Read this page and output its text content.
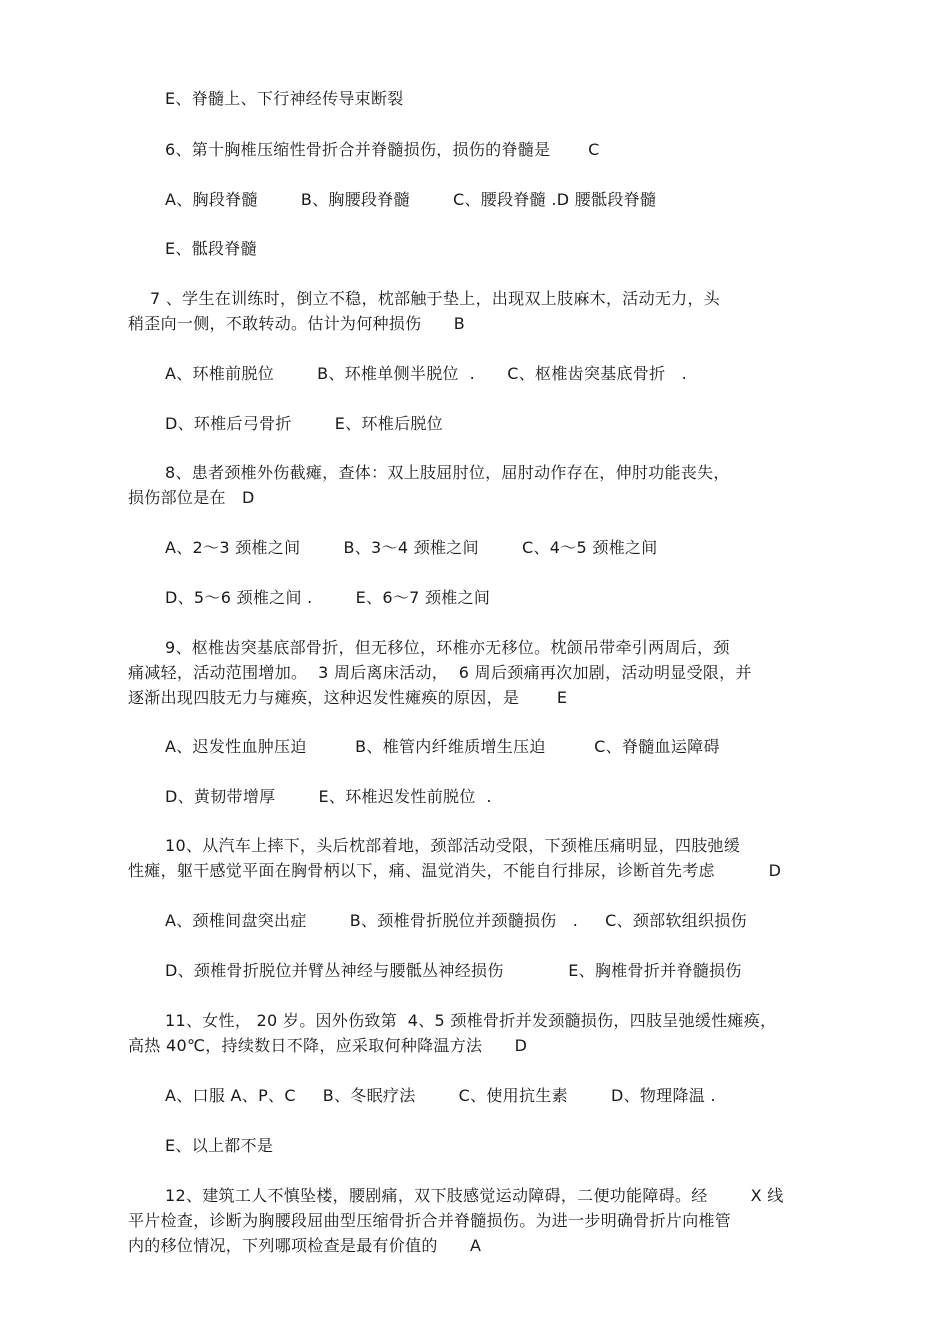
E、脊髓上、下行神经传导束断裂
6、第十胸椎压缩性骨折合并脊髓损伤，损伤的脊髓是       C
A、胸段脊髓        B、胸腰段脊髓        C、腰段脊髓 .D 腰骶段脊髓
E、骶段脊髓
7 、学生在训练时，倒立不稳，枕部触于垫上，出现双上肢麻木，活动无力，头
稍歪向一侧，不敢转动。估计为何种损伤      B
A、环椎前脱位        B、环椎单侧半脱位  .      C、枢椎齿突基底骨折   .
D、环椎后弓骨折        E、环椎后脱位
8、患者颈椎外伤截瘫，查体：双上肢屈肘位，屈肘动作存在，伸肘功能丧失，
损伤部位是在   D
A、2～3 颈椎之间        B、3～4 颈椎之间        C、4～5 颈椎之间
D、5～6 颈椎之间 .        E、6～7 颈椎之间
9、枢椎齿突基底部骨折，但无移位，环椎亦无移位。枕颌吊带牵引两周后，颈
痛减轻，活动范围增加。  3 周后离床活动，  6 周后颈痛再次加剧，活动明显受限，并
逐渐出现四肢无力与瘫痪，这种迟发性瘫痪的原因，是       E
A、迟发性血肿压迫         B、椎管内纤维质增生压迫         C、脊髓血运障碍
D、黄韧带增厚        E、环椎迟发性前脱位  .
10、从汽车上摔下，头后枕部着地，颈部活动受限，下颈椎压痛明显，四肢弛缓
性瘫，躯干感觉平面在胸骨柄以下，痛、温觉消失，不能自行排尿，诊断首先考虑          D
A、颈椎间盘突出症        B、颈椎骨折脱位并颈髓损伤   .     C、颈部软组织损伤
D、颈椎骨折脱位并臂丛神经与腰骶丛神经损伤            E、胸椎骨折并脊髓损伤
11、女性， 20 岁。因外伤致第  4、5 颈椎骨折并发颈髓损伤，四肢呈弛缓性瘫痪，
高热 40℃，持续数日不降，应采取何种降温方法      D
A、口服 A、P、C     B、冬眠疗法        C、使用抗生素        D、物理降温 .
E、以上都不是
12、建筑工人不慎坠楼，腰剧痛，双下肢感觉运动障碍，二便功能障碍。经        X 线
平片检查，诊断为胸腰段屈曲型压缩骨折合并脊髓损伤。为进一步明确骨折片向椎管
内的移位情况，下列哪项检查是最有价值的      A
